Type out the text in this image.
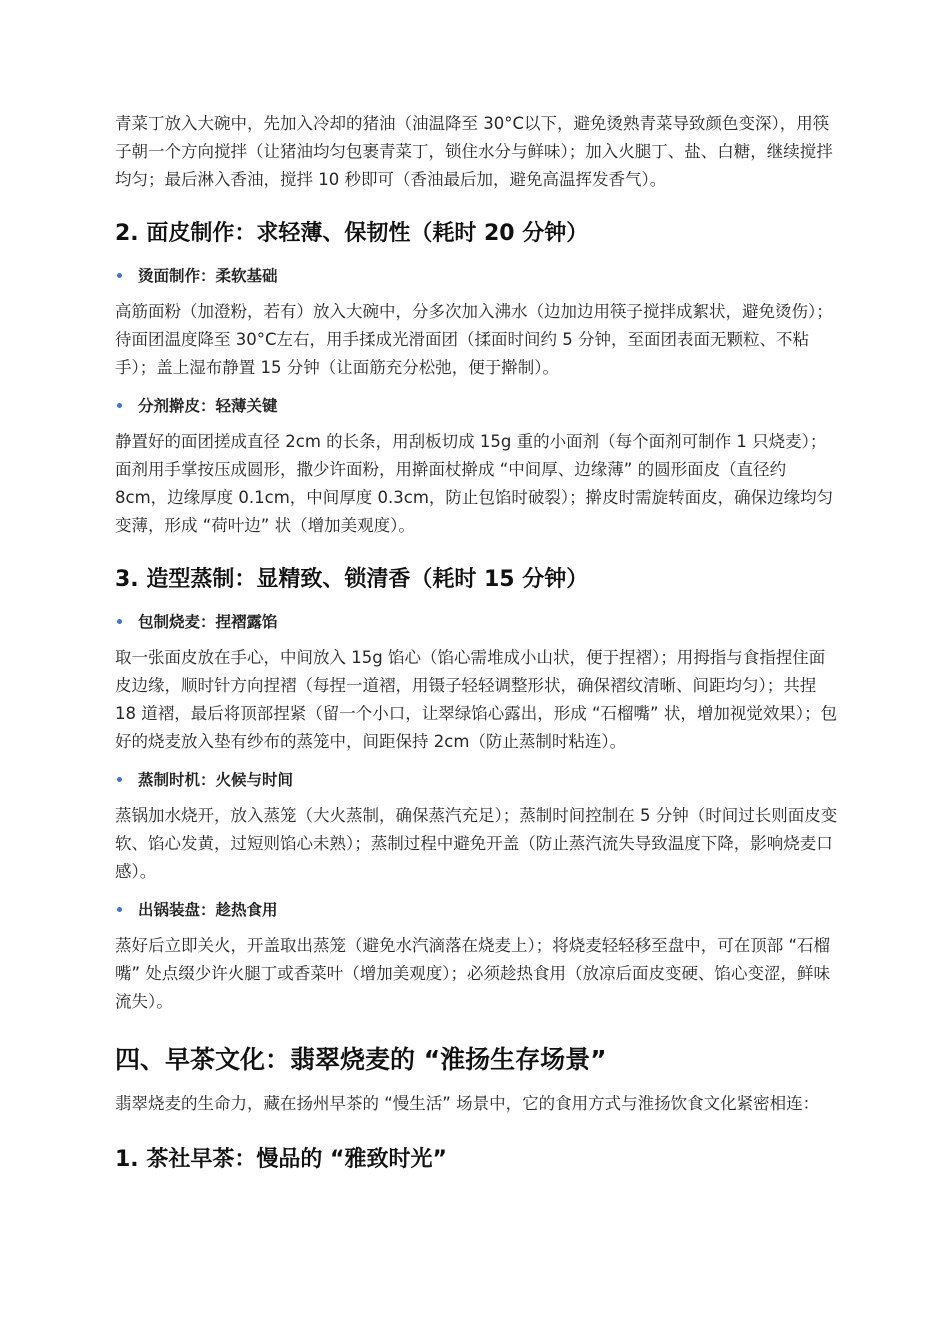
青菜丁放入大碗中，先加入冷却的猪油（油温降至 30°C以下，避免烫熟青菜导致颜色变深），用筷子朝一个方向搅拌（让猪油均匀包裹青菜丁，锁住水分与鲜味）；加入火腿丁、盐、白糖，继续搅拌均匀；最后淋入香油，搅拌 10 秒即可（香油最后加，避免高温挥发香气）。

2. 面皮制作：求轻薄、保韧性（耗时 20 分钟）
烫面制作：柔软基础

高筋面粉（加澄粉，若有）放入大碗中，分多次加入沸水（边加边用筷子搅拌成絮状，避免烫伤）；待面团温度降至 30°C左右，用手揉成光滑面团（揉面时间约 5 分钟，至面团表面无颗粒、不粘手）；盖上湿布静置 15 分钟（让面筋充分松弛，便于擀制）。

分剂擀皮：轻薄关键

静置好的面团搓成直径 2cm 的长条，用刮板切成 15g 重的小面剂（每个面剂可制作 1 只烧麦）；面剂用手掌按压成圆形，撒少许面粉，用擀面杖擀成 “中间厚、边缘薄” 的圆形面皮（直径约 8cm，边缘厚度 0.1cm，中间厚度 0.3cm，防止包馅时破裂）；擀皮时需旋转面皮，确保边缘均匀变薄，形成 “荷叶边” 状（增加美观度）。

3. 造型蒸制：显精致、锁清香（耗时 15 分钟）
包制烧麦：捏褶露馅

取一张面皮放在手心，中间放入 15g 馅心（馅心需堆成小山状，便于捏褶）；用拇指与食指捏住面皮边缘，顺时针方向捏褶（每捏一道褶，用镊子轻轻调整形状，确保褶纹清晰、间距均匀）；共捏 18 道褶，最后将顶部捏紧（留一个小口，让翠绿馅心露出，形成 “石榴嘴” 状，增加视觉效果）；包好的烧麦放入垫有纱布的蒸笼中，间距保持 2cm（防止蒸制时粘连）。

蒸制时机：火候与时间

蒸锅加水烧开，放入蒸笼（大火蒸制，确保蒸汽充足）；蒸制时间控制在 5 分钟（时间过长则面皮变软、馅心发黄，过短则馅心未熟）；蒸制过程中避免开盖（防止蒸汽流失导致温度下降，影响烧麦口感）。

出锅装盘：趁热食用

蒸好后立即关火，开盖取出蒸笼（避免水汽滴落在烧麦上）；将烧麦轻轻移至盘中，可在顶部 “石榴嘴” 处点缀少许火腿丁或香菜叶（增加美观度）；必须趁热食用（放凉后面皮变硬、馅心变涩，鲜味流失）。

四、早茶文化：翡翠烧麦的 “淮扬生存场景”

翡翠烧麦的生命力，藏在扬州早茶的 “慢生活” 场景中，它的食用方式与淮扬饮食文化紧密相连：

1. 茶社早茶：慢品的 “雅致时光”
